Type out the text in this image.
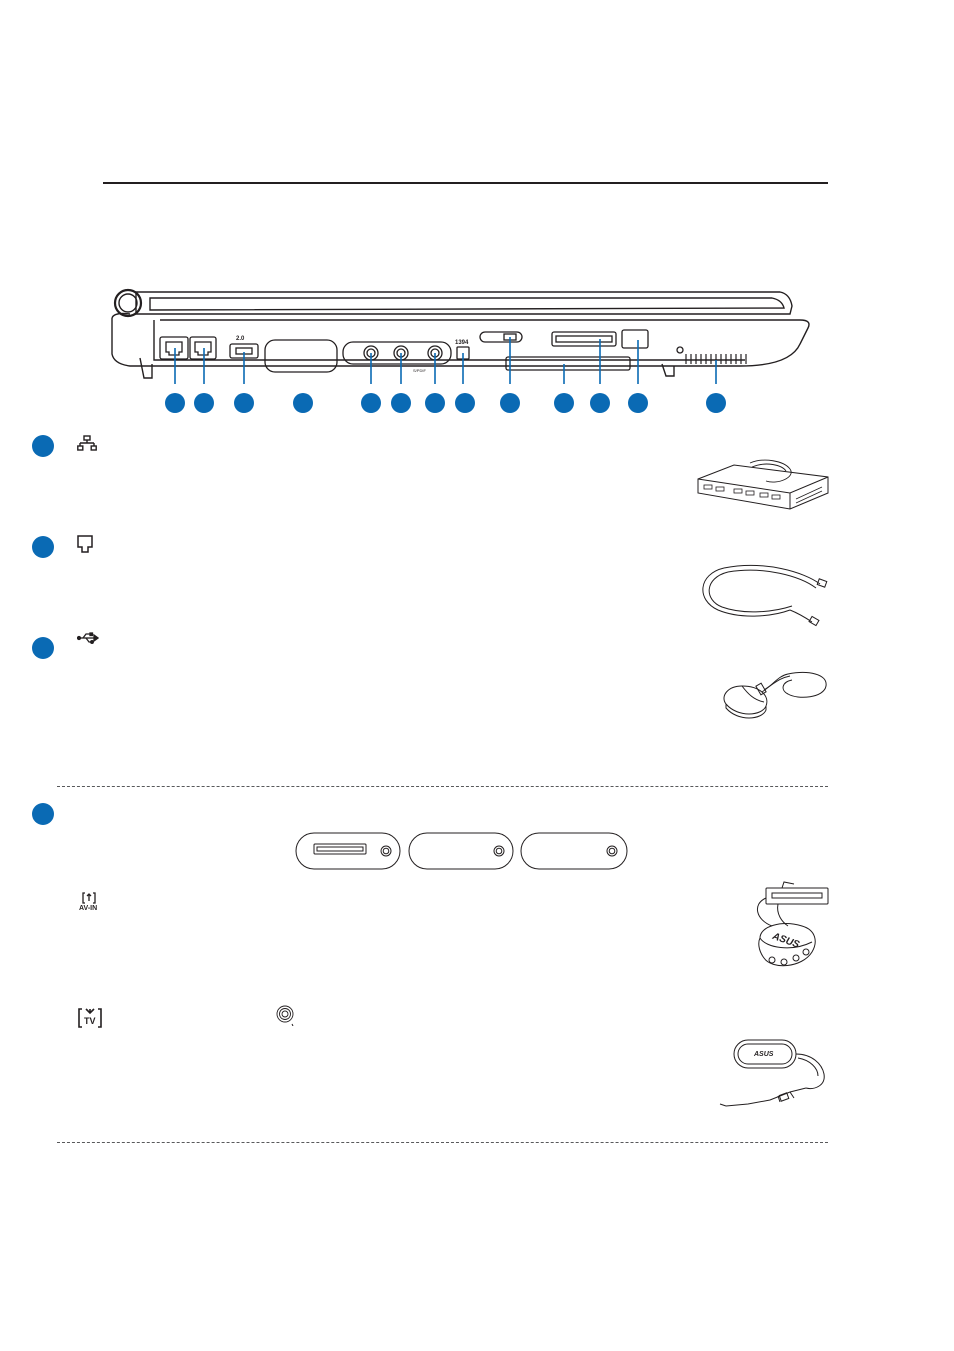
2.0
1394
S/PDIF
AV-IN
ASUS
TV
ASUS
